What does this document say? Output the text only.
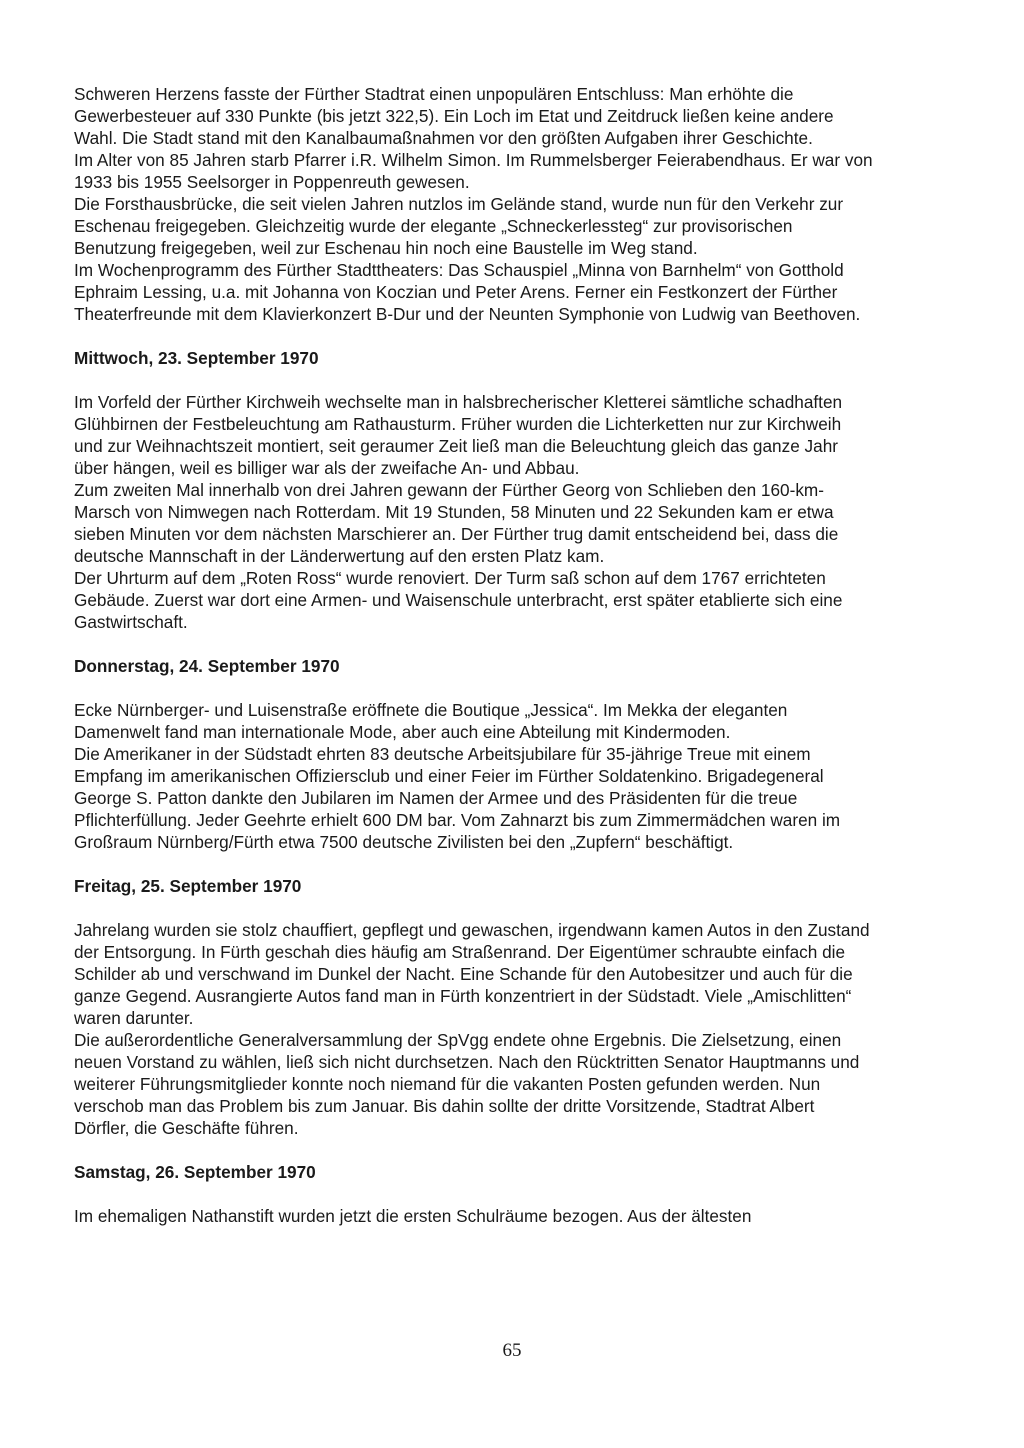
Schweren Herzens fasste der Fürther Stadtrat einen unpopulären Entschluss: Man erhöhte die Gewerbesteuer auf 330 Punkte (bis jetzt 322,5). Ein Loch im Etat und Zeitdruck ließen keine andere Wahl. Die Stadt stand mit den Kanalbaumaßnahmen vor den größten Aufgaben ihrer Geschichte.

Im Alter von 85 Jahren starb Pfarrer i.R. Wilhelm Simon. Im Rummelsberger Feierabendhaus. Er war von 1933 bis 1955 Seelsorger in Poppenreuth gewesen.

Die Forsthausbrücke, die seit vielen Jahren nutzlos im Gelände stand, wurde nun für den Verkehr zur Eschenau freigegeben. Gleichzeitig wurde der elegante „Schneckerlessteg“ zur provisorischen Benutzung freigegeben, weil zur Eschenau hin noch eine Baustelle im Weg stand.

Im Wochenprogramm des Fürther Stadttheaters: Das Schauspiel „Minna von Barnhelm“ von Gotthold Ephraim Lessing, u.a. mit Johanna von Koczian und Peter Arens. Ferner ein Festkonzert der Fürther Theaterfreunde mit dem Klavierkonzert B-Dur und der Neunten Symphonie von Ludwig van Beethoven.

Mittwoch, 23. September 1970

Im Vorfeld der Fürther Kirchweih wechselte man in halsbrecherischer Kletterei sämtliche schadhaften Glühbirnen der Festbeleuchtung am Rathausturm. Früher wurden die Lichterketten nur zur Kirchweih und zur Weihnachtszeit montiert, seit geraumer Zeit ließ man die Beleuchtung gleich das ganze Jahr über hängen, weil es billiger war als der zweifache An- und Abbau.

Zum zweiten Mal innerhalb von drei Jahren gewann der Fürther Georg von Schlieben den 160-km-Marsch von Nimwegen nach Rotterdam. Mit 19 Stunden, 58 Minuten und 22 Sekunden kam er etwa sieben Minuten vor dem nächsten Marschierer an. Der Fürther trug damit entscheidend bei, dass die deutsche Mannschaft in der Länderwertung auf den ersten Platz kam.

Der Uhrturm auf dem „Roten Ross“ wurde renoviert. Der Turm saß schon auf dem 1767 errichteten Gebäude. Zuerst war dort eine Armen- und Waisenschule unterbracht, erst später etablierte sich eine Gastwirtschaft.

Donnerstag, 24. September 1970

Ecke Nürnberger- und Luisenstraße eröffnete die Boutique „Jessica“. Im Mekka der eleganten Damenwelt fand man internationale Mode, aber auch eine Abteilung mit Kindermoden.

Die Amerikaner in der Südstadt ehrten 83 deutsche Arbeitsjubilare für 35-jährige Treue mit einem Empfang im amerikanischen Offiziersclub und einer Feier im Fürther Soldatenkino. Brigadegeneral George S. Patton dankte den Jubilaren im Namen der Armee und des Präsidenten für die treue Pflichterfüllung. Jeder Geehrte erhielt 600 DM bar. Vom Zahnarzt bis zum Zimmermädchen waren im Großraum Nürnberg/Fürth etwa 7500 deutsche Zivilisten bei den „Zupfern“ beschäftigt.

Freitag, 25. September 1970

Jahrelang wurden sie stolz chauffiert, gepflegt und gewaschen, irgendwann kamen Autos in den Zustand der Entsorgung. In Fürth geschah dies häufig am Straßenrand. Der Eigentümer schraubte einfach die Schilder ab und verschwand im Dunkel der Nacht. Eine Schande für den Autobesitzer und auch für die ganze Gegend. Ausrangierte Autos fand man in Fürth konzentriert in der Südstadt. Viele „Amischlitten“ waren darunter.

Die außerordentliche Generalversammlung der SpVgg endete ohne Ergebnis. Die Zielsetzung, einen neuen Vorstand zu wählen, ließ sich nicht durchsetzen. Nach den Rücktritten Senator Hauptmanns und weiterer Führungsmitglieder konnte noch niemand für die vakanten Posten gefunden werden. Nun verschob man das Problem bis zum Januar. Bis dahin sollte der dritte Vorsitzende, Stadtrat Albert Dörfler, die Geschäfte führen.

Samstag, 26. September 1970

Im ehemaligen Nathanstift wurden jetzt die ersten Schulräume bezogen. Aus der ältesten

65
